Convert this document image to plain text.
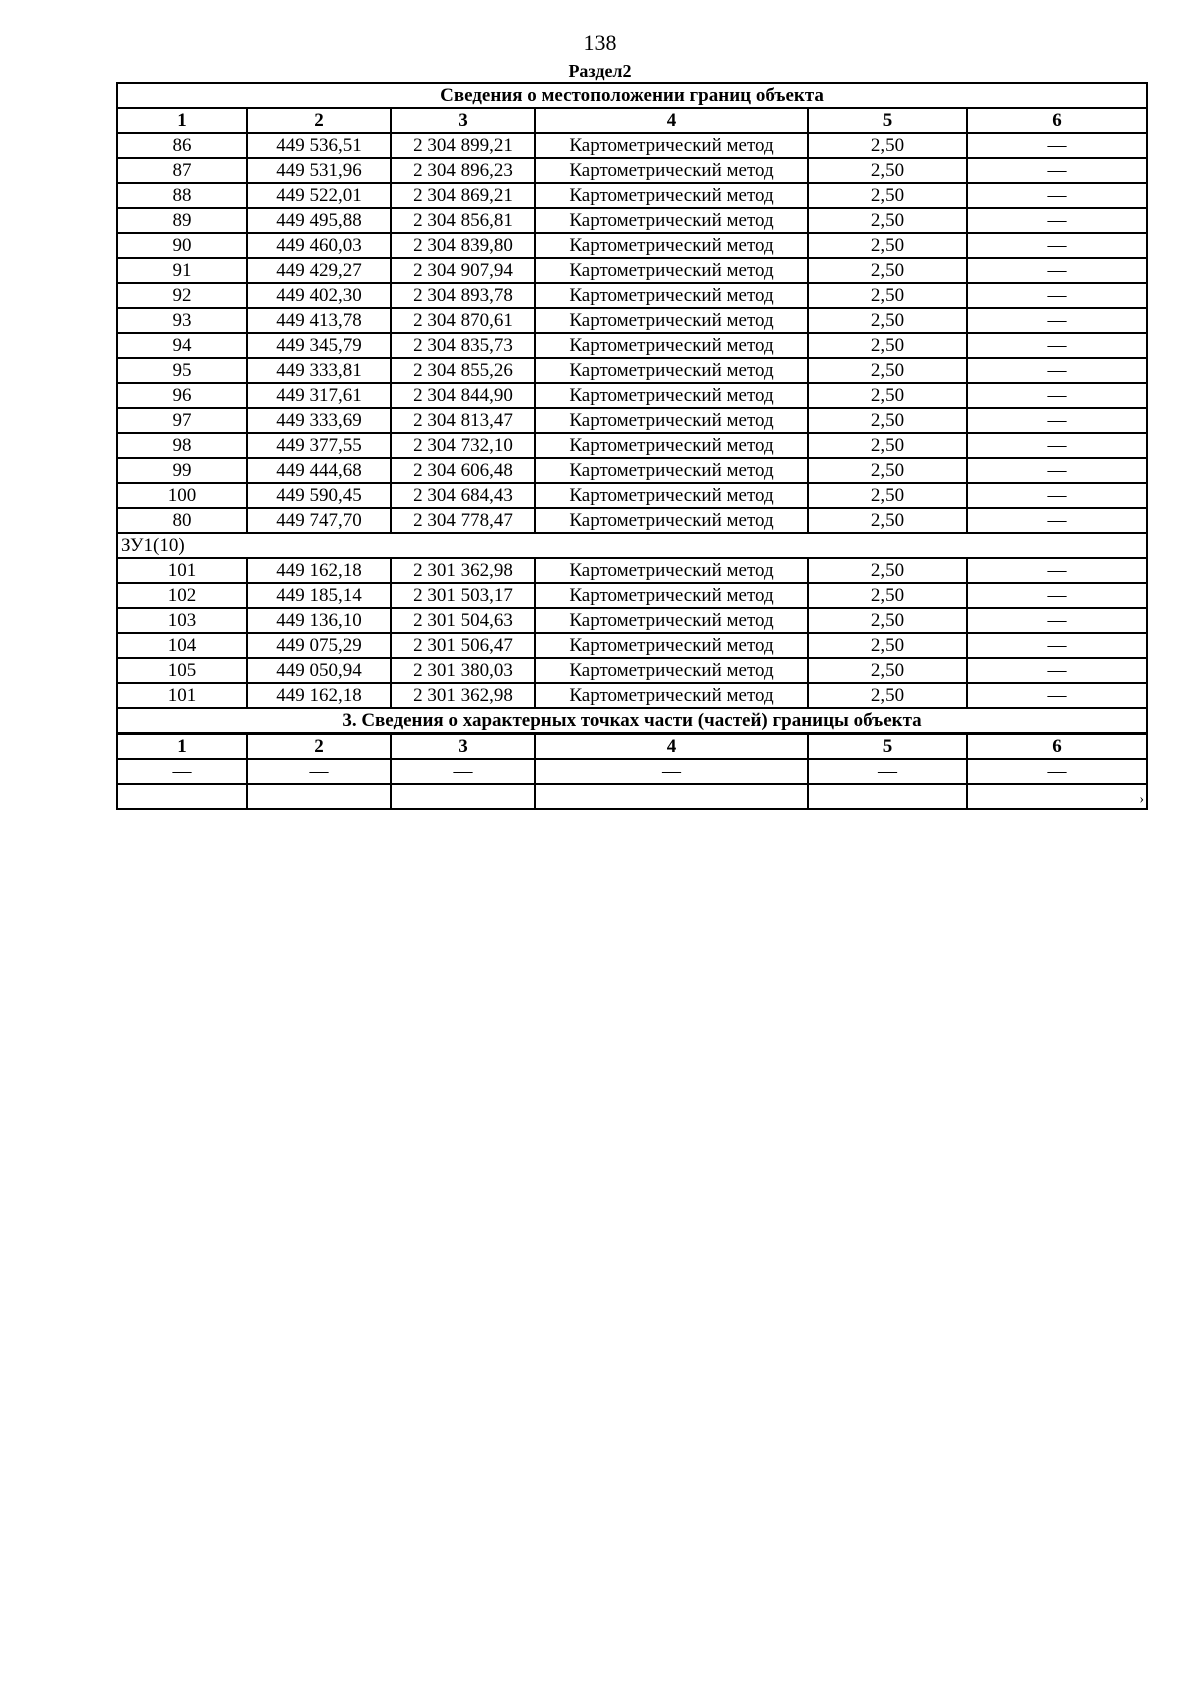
138
Раздел2
Сведения о местоположении границ объекта					
1	2	3	4	5	6
86	449 536,51	2 304 899,21	Картометрический метод	2,50	—
87	449 531,96	2 304 896,23	Картометрический метод	2,50	—
88	449 522,01	2 304 869,21	Картометрический метод	2,50	—
89	449 495,88	2 304 856,81	Картометрический метод	2,50	—
90	449 460,03	2 304 839,80	Картометрический метод	2,50	—
91	449 429,27	2 304 907,94	Картометрический метод	2,50	—
92	449 402,30	2 304 893,78	Картометрический метод	2,50	—
93	449 413,78	2 304 870,61	Картометрический метод	2,50	—
94	449 345,79	2 304 835,73	Картометрический метод	2,50	—
95	449 333,81	2 304 855,26	Картометрический метод	2,50	—
96	449 317,61	2 304 844,90	Картометрический метод	2,50	—
97	449 333,69	2 304 813,47	Картометрический метод	2,50	—
98	449 377,55	2 304 732,10	Картометрический метод	2,50	—
99	449 444,68	2 304 606,48	Картометрический метод	2,50	—
100	449 590,45	2 304 684,43	Картометрический метод	2,50	—
80	449 747,70	2 304 778,47	Картометрический метод	2,50	—
ЗУ1(10)					
101	449 162,18	2 301 362,98	Картометрический метод	2,50	—
102	449 185,14	2 301 503,17	Картометрический метод	2,50	—
103	449 136,10	2 301 504,63	Картометрический метод	2,50	—
104	449 075,29	2 301 506,47	Картометрический метод	2,50	—
105	449 050,94	2 301 380,03	Картометрический метод	2,50	—
101	449 162,18	2 301 362,98	Картометрический метод	2,50	—
3. Сведения о характерных точках части (частей) границы объекта					
1	2	3	4	5	6
—	—	—	—	—	—

					›
